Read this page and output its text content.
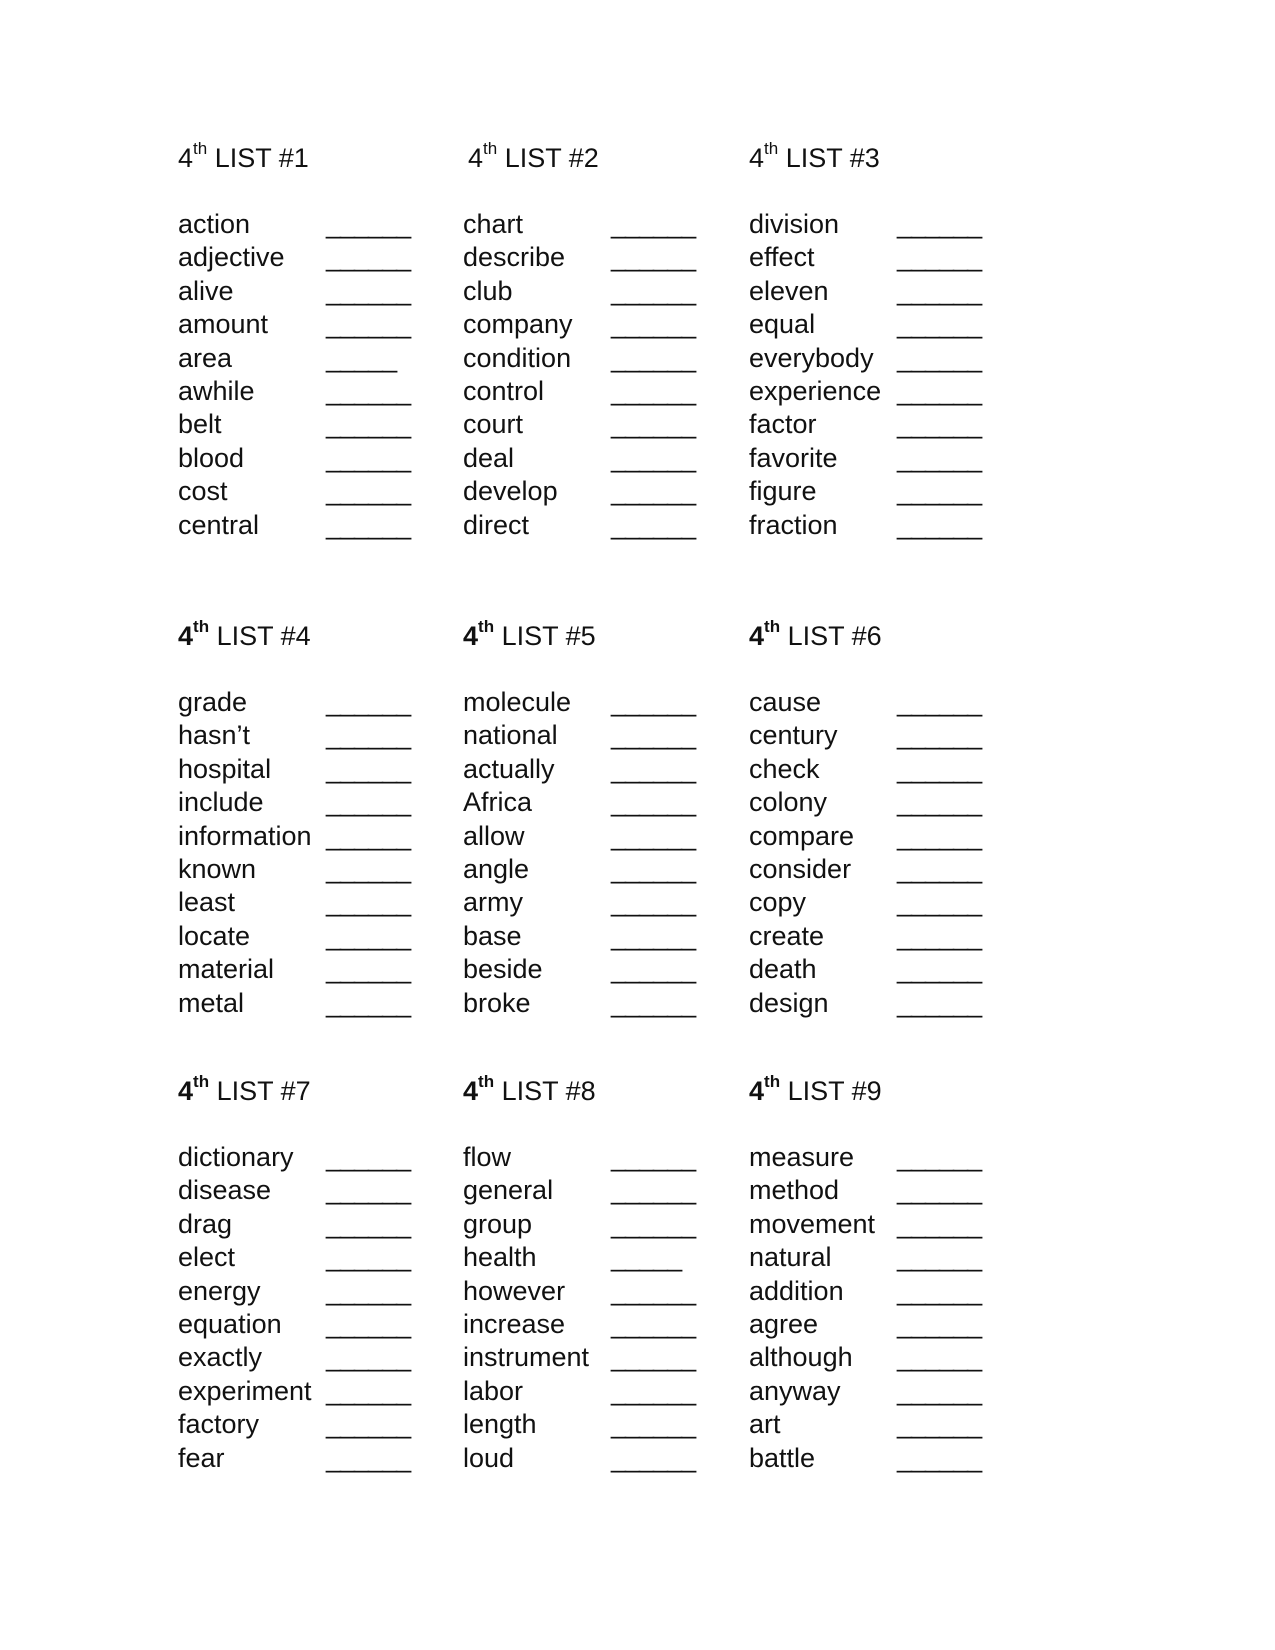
4th LIST #1
action	______
adjective ______
alive	______
amount ______
area	_____
awhile	______
belt	______
blood	______
cost	______
central ______
4th LIST #2
chart	______
describe ______
club	______
company ______
condition ______
control ______
court	______
deal	______
develop ______
direct	______
4th LIST #3
division ______
effect	______
eleven	______
equal	______
everybody ______
experience ______
factor	______
favorite ______
figure	______
fraction ______
4th LIST #4
grade	______
hasn’t	______
hospital ______
include ______
information ______
known	______
least	______
locate	______
material ______
metal	______
4th LIST #5
molecule ______
national ______
actually ______
Africa	______
allow	______
angle	______
army	______
base	______
beside	______
broke	______
4th LIST #6
cause	______
century ______
check	______
colony	______
compare ______
consider ______
copy	______
create	______
death	______
design	______
4th LIST #7
dictionary ______
disease ______
drag	______
elect	______
energy ______
equation ______
exactly ______
experiment ______
factory ______
fear	______
4th LIST #8
flow	______
general ______
group	______
health	_____
however ______
increase ______
instrument ______
labor	______
length	______
loud	______
4th LIST #9
measure ______
method ______
movement ______
natural ______
addition ______
agree	______
although ______
anyway ______
art	______
battle	______
